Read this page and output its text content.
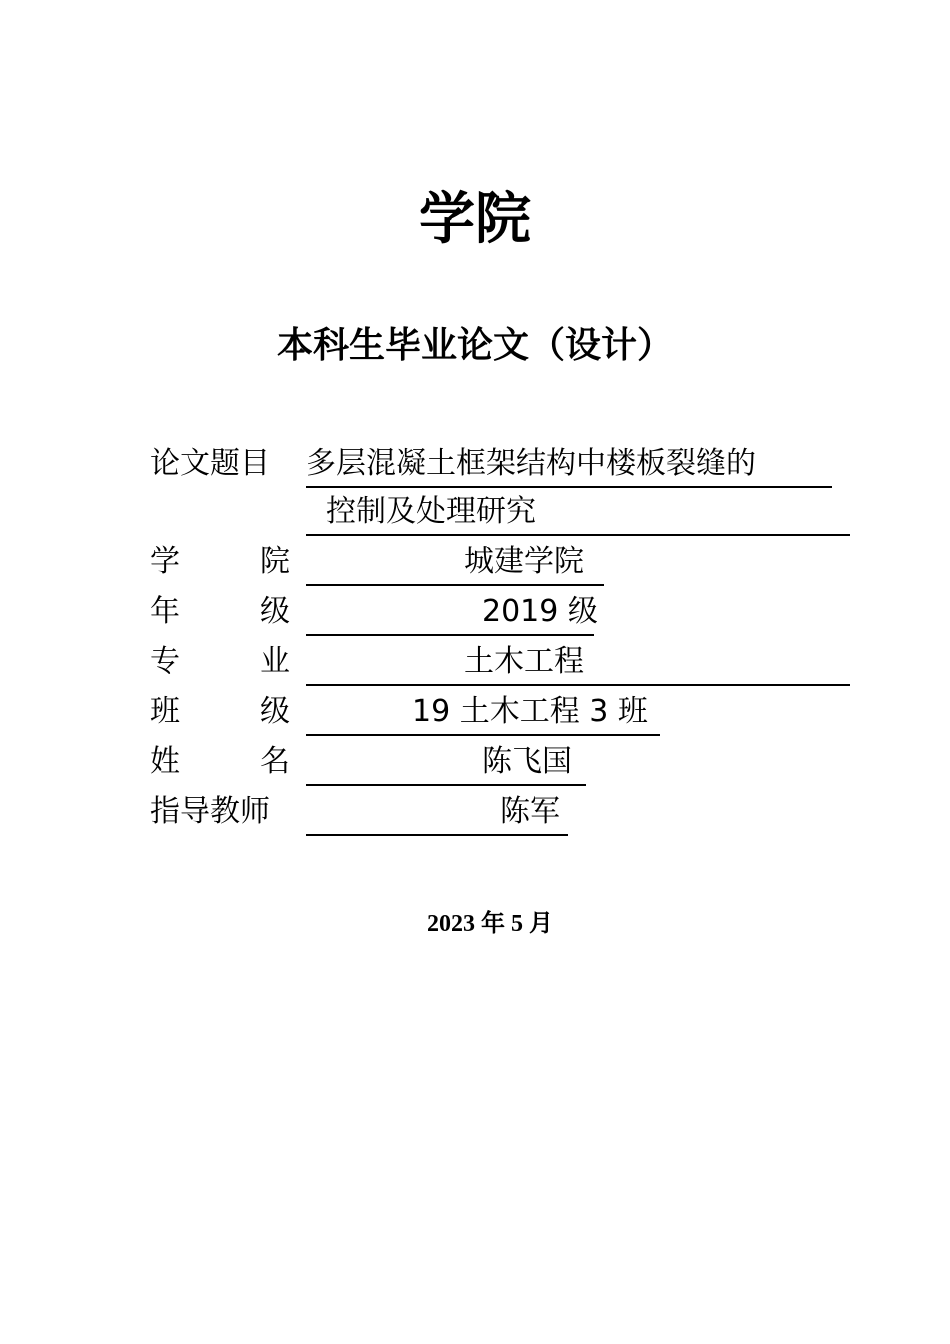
学院
本科生毕业论文（设计）
论文题目	多层混凝土框架结构中楼板裂缝的
控制及处理研究
学	院	城建学院
年	级	2019 级
专	业	土木工程
班	级	19 土木工程 3 班
姓	名	陈飞国
指导教师	陈军
2023 年 5 月
